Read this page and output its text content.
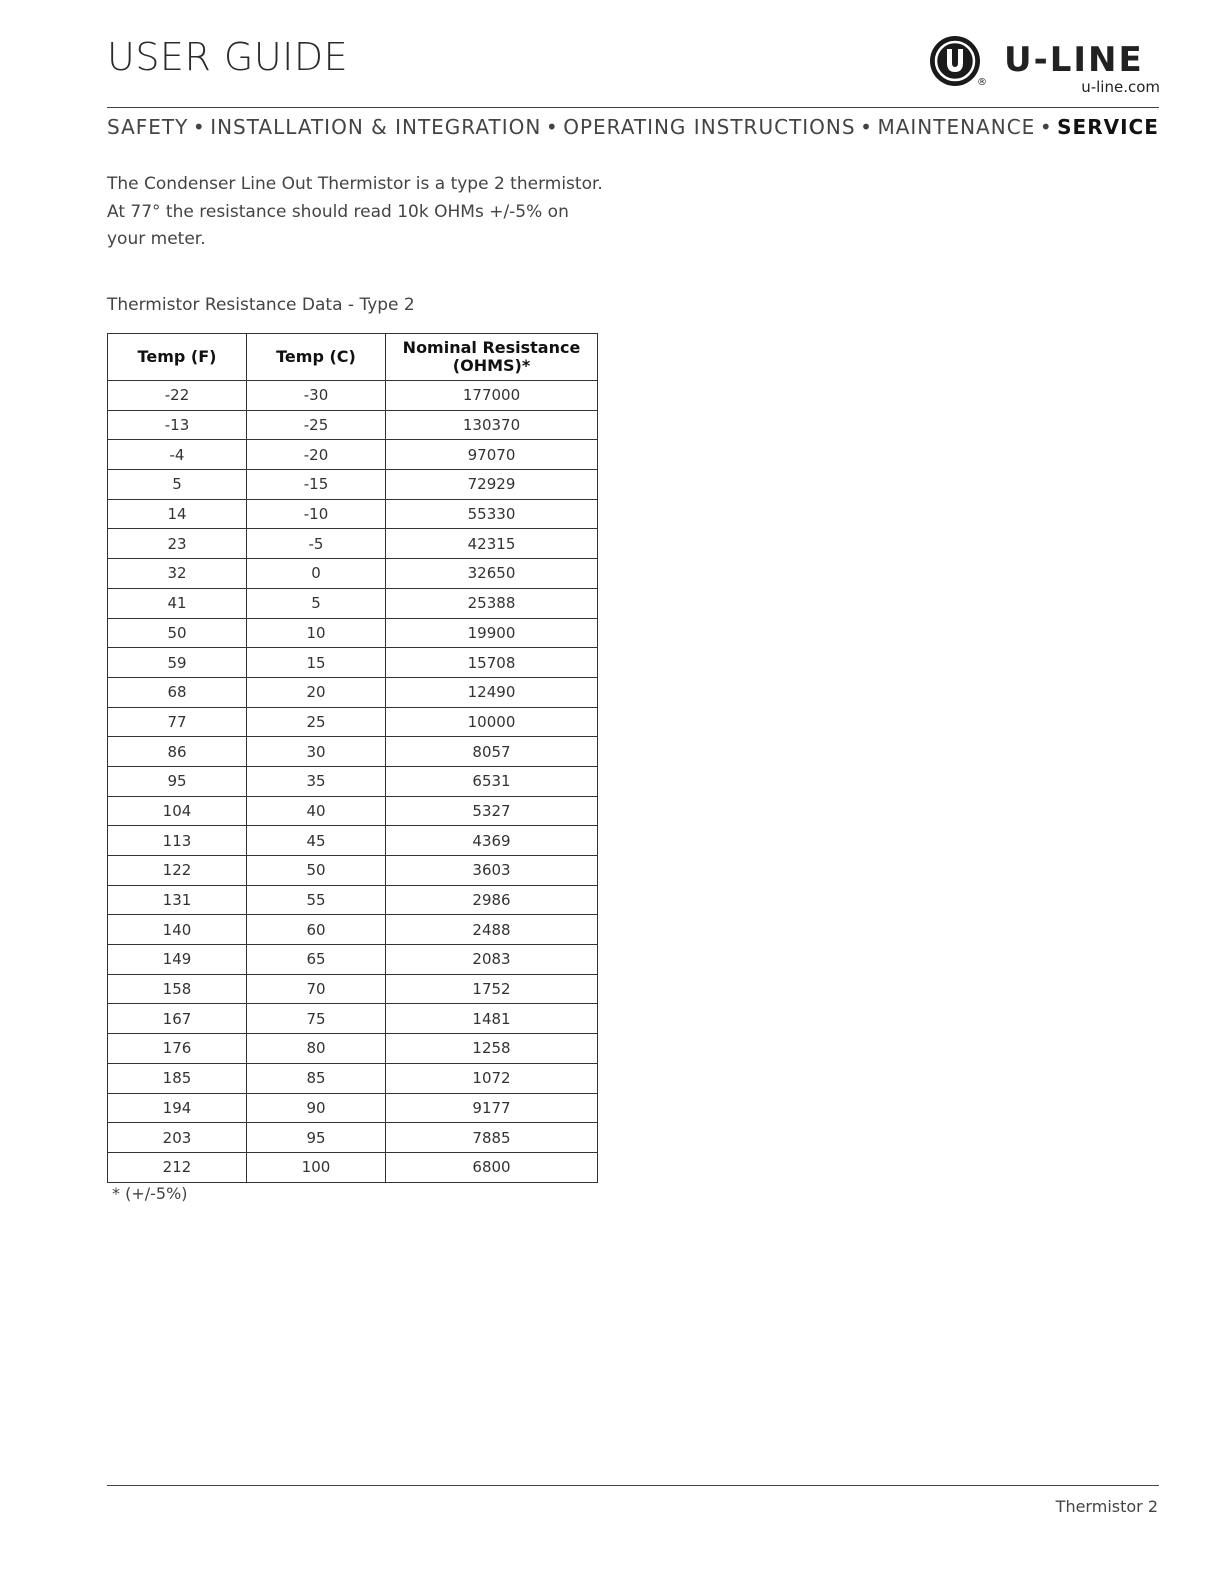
USER GUIDE
®
U-LINE
u-line.com
SAFETY • INSTALLATION & INTEGRATION • OPERATING INSTRUCTIONS • MAINTENANCE • SERVICE

The Condenser Line Out Thermistor is a type 2 thermistor. At 77° the resistance should read 10k OHMs +/-5% on your meter.

Thermistor Resistance Data - Type 2

Temp (F)	Temp (C)	Nominal Resistance (OHMS)*
-22	-30	177000
-13	-25	130370
-4	-20	97070
5	-15	72929
14	-10	55330
23	-5	42315
32	0	32650
41	5	25388
50	10	19900
59	15	15708
68	20	12490
77	25	10000
86	30	8057
95	35	6531
104	40	5327
113	45	4369
122	50	3603
131	55	2986
140	60	2488
149	65	2083
158	70	1752
167	75	1481
176	80	1258
185	85	1072
194	90	9177
203	95	7885
212	100	6800

* (+/-5%)

Thermistor 2
